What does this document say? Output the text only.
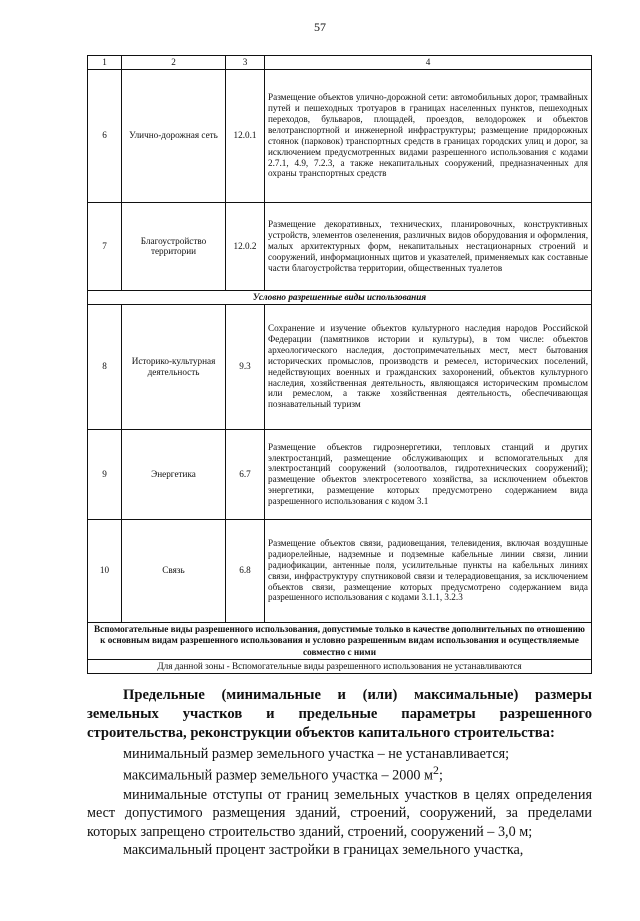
57
1	2	3	4
6	Улично-дорожная сеть	12.0.1	Размещение объектов улично-дорожной сети: автомобильных дорог, трамвайных путей и пешеходных тротуаров в границах населенных пунктов, пешеходных переходов, бульваров, площадей, проездов, велодорожек и объектов велотранспортной и инженерной инфраструктуры; размещение придорожных стоянок (парковок) транспортных средств в границах городских улиц и дорог, за исключением предусмотренных видами разрешенного использования с кодами 2.7.1, 4.9, 7.2.3, а также некапитальных сооружений, предназначенных для охраны транспортных средств
7	Благоустройство территории	12.0.2	Размещение декоративных, технических, планировочных, конструктивных устройств, элементов озеленения, различных видов оборудования и оформления, малых архитектурных форм, некапитальных нестационарных строений и сооружений, информационных щитов и указателей, применяемых как составные части благоустройства территории, общественных туалетов
Условно разрешенные виды использования			
8	Историко-культурная деятельность	9.3	Сохранение и изучение объектов культурного наследия народов Российской Федерации (памятников истории и культуры), в том числе: объектов археологического наследия, достопримечательных мест, мест бытования исторических промыслов, производств и ремесел, исторических поселений, недействующих военных и гражданских захоронений, объектов культурного наследия, хозяйственная деятельность, являющаяся историческим промыслом или ремеслом, а также хозяйственная деятельность, обеспечивающая познавательный туризм
9	Энергетика	6.7	Размещение объектов гидроэнергетики, тепловых станций и других электростанций, размещение обслуживающих и вспомогательных для электростанций сооружений (золоотвалов, гидротехнических сооружений); размещение объектов электросетевого хозяйства, за исключением объектов энергетики, размещение которых предусмотрено содержанием вида разрешенного использования с кодом 3.1
10	Связь	6.8	Размещение объектов связи, радиовещания, телевидения, включая воздушные радиорелейные, надземные и подземные кабельные линии связи, линии радиофикации, антенные поля, усилительные пункты на кабельных линиях связи, инфраструктуру спутниковой связи и телерадиовещания, за исключением объектов связи, размещение которых предусмотрено содержанием вида разрешенного использования с кодами 3.1.1, 3.2.3
Вспомогательные виды разрешенного использования, допустимые только в качестве дополнительных по отношению к основным видам разрешенного использования и условно разрешенным видам использования и осуществляемые совместно с ними			
Для данной зоны - Вспомогательные виды разрешенного использования не устанавливаются			
Предельные (минимальные и (или) максимальные) размеры земельных участков и предельные параметры разрешенного строительства, реконструкции объектов капитального строительства:

минимальный размер земельного участка – не устанавливается;

максимальный размер земельного участка – 2000 $м^2$;

минимальные отступы от границ земельных участков в целях определения мест допустимого размещения зданий, строений, сооружений, за пределами которых запрещено строительство зданий, строений, сооружений – 3,0 м;

максимальный процент застройки в границах земельного участка,
